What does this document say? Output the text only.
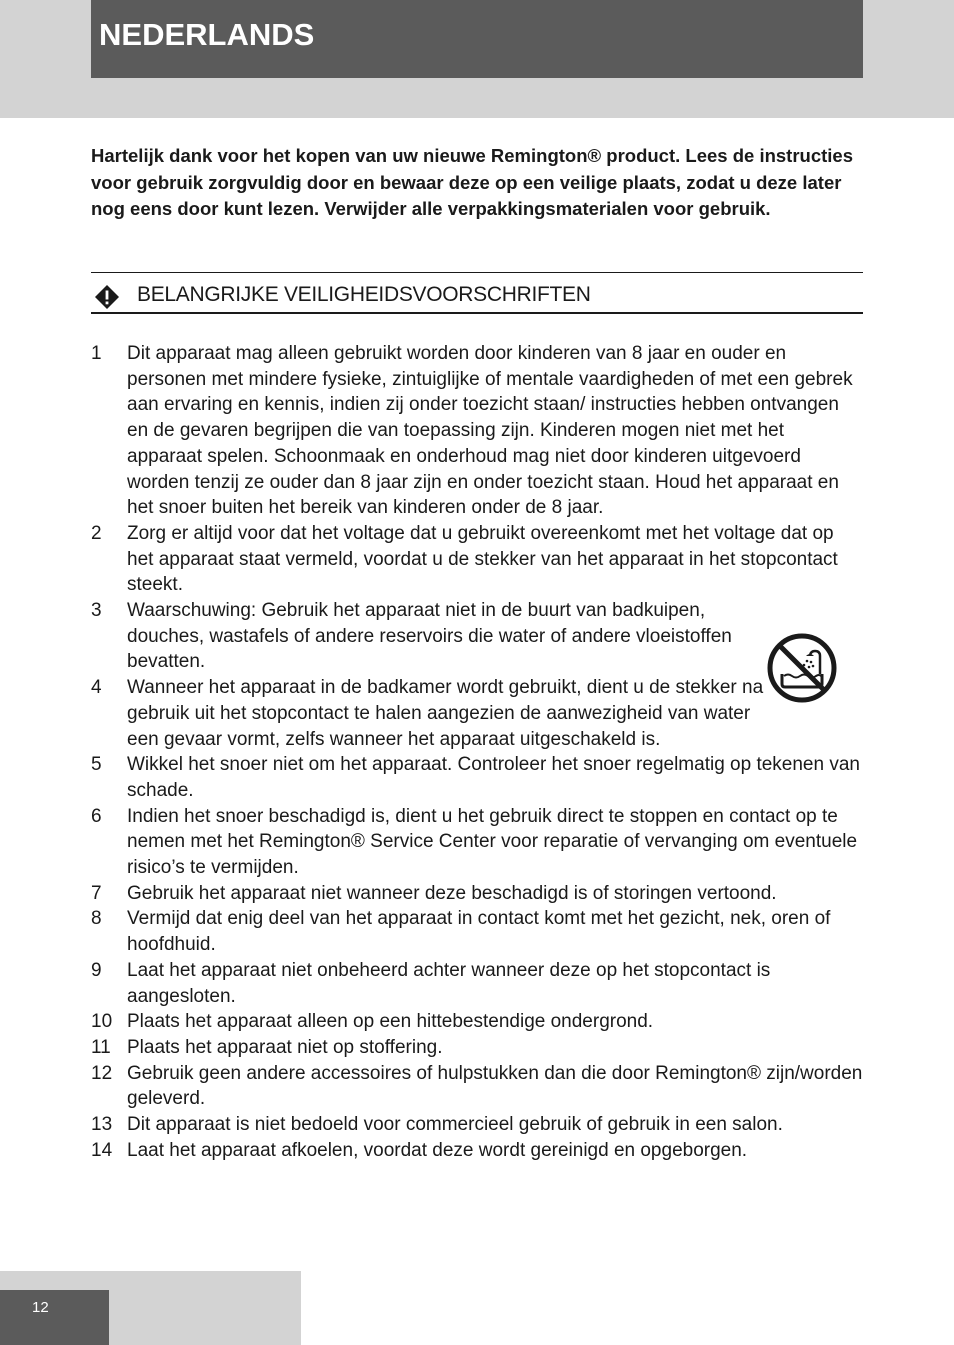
NEDERLANDS

Hartelijk dank voor het kopen van uw nieuwe Remington® product. Lees de instructies voor gebruik zorgvuldig door en bewaar deze op een veilige plaats, zodat u deze later nog eens door kunt lezen. Verwijder alle verpakkingsmaterialen voor gebruik.

BELANGRIJKE VEILIGHEIDSVOORSCHRIFTEN
1 Dit apparaat mag alleen gebruikt worden door kinderen van 8 jaar en ouder en personen met mindere fysieke, zintuiglijke of mentale vaardigheden of met een gebrek aan ervaring en kennis, indien zij onder toezicht staan/ instructies hebben ontvangen en de gevaren begrijpen die van toepassing zijn. Kinderen mogen niet met het apparaat spelen. Schoonmaak en onderhoud mag niet door kinderen uitgevoerd worden tenzij ze ouder dan 8 jaar zijn en onder toezicht staan. Houd het apparaat en het snoer buiten het bereik van kinderen onder de 8 jaar.
2 Zorg er altijd voor dat het voltage dat u gebruikt overeenkomt met het voltage dat op het apparaat staat vermeld, voordat u de stekker van het apparaat in het stopcontact steekt.
3 Waarschuwing: Gebruik het apparaat niet in de buurt van badkuipen, douches, wastafels of andere reservoirs die water of andere vloeistoffen bevatten.
4 Wanneer het apparaat in de badkamer wordt gebruikt, dient u de stekker na gebruik uit het stopcontact te halen aangezien de aanwezigheid van water een gevaar vormt, zelfs wanneer het apparaat uitgeschakeld is.
5 Wikkel het snoer niet om het apparaat. Controleer het snoer regelmatig op tekenen van schade.
6 Indien het snoer beschadigd is, dient u het gebruik direct te stoppen en contact op te nemen met het Remington® Service Center voor reparatie of vervanging om eventuele risico’s te vermijden.
7 Gebruik het apparaat niet wanneer deze beschadigd is of storingen vertoond.
8 Vermijd dat enig deel van het apparaat in contact komt met het gezicht, nek, oren of hoofdhuid.
9 Laat het apparaat niet onbeheerd achter wanneer deze op het stopcontact is aangesloten.
10 Plaats het apparaat alleen op een hittebestendige ondergrond.
11 Plaats het apparaat niet op stoffering.
12 Gebruik geen andere accessoires of hulpstukken dan die door Remington® zijn/worden geleverd.
13 Dit apparaat is niet bedoeld voor commercieel gebruik of gebruik in een salon.
14 Laat het apparaat afkoelen, voordat deze wordt gereinigd en opgeborgen.
12
